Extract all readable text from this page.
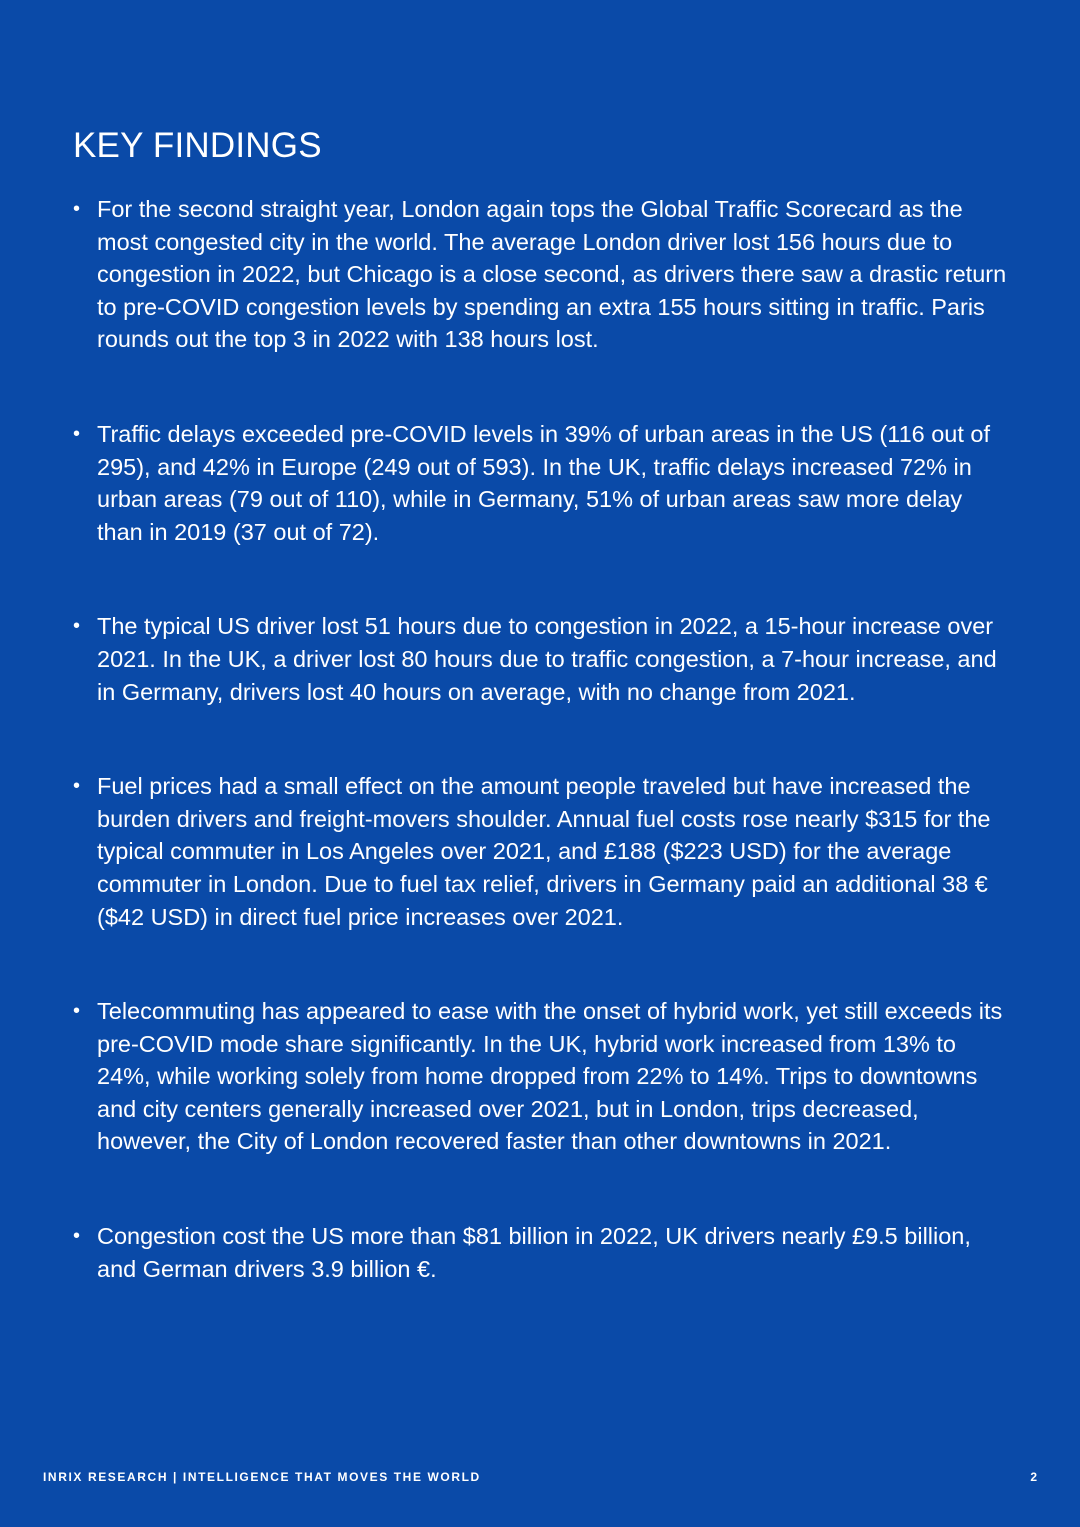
KEY FINDINGS
• For the second straight year, London again tops the Global Traffic Scorecard as the most congested city in the world. The average London driver lost 156 hours due to congestion in 2022, but Chicago is a close second, as drivers there saw a drastic return to pre-COVID congestion levels by spending an extra 155 hours sitting in traffic. Paris rounds out the top 3 in 2022 with 138 hours lost.
• Traffic delays exceeded pre-COVID levels in 39% of urban areas in the US (116 out of 295), and 42% in Europe (249 out of 593). In the UK, traffic delays increased 72% in urban areas (79 out of 110), while in Germany, 51% of urban areas saw more delay than in 2019 (37 out of 72).
• The typical US driver lost 51 hours due to congestion in 2022, a 15-hour increase over 2021. In the UK, a driver lost 80 hours due to traffic congestion, a 7-hour increase, and in Germany, drivers lost 40 hours on average, with no change from 2021.
• Fuel prices had a small effect on the amount people traveled but have increased the burden drivers and freight-movers shoulder. Annual fuel costs rose nearly $315 for the typical commuter in Los Angeles over 2021, and £188 ($223 USD) for the average commuter in London. Due to fuel tax relief, drivers in Germany paid an additional 38 € ($42 USD) in direct fuel price increases over 2021.
• Telecommuting has appeared to ease with the onset of hybrid work, yet still exceeds its pre-COVID mode share significantly. In the UK, hybrid work increased from 13% to 24%, while working solely from home dropped from 22% to 14%. Trips to downtowns and city centers generally increased over 2021, but in London, trips decreased, however, the City of London recovered faster than other downtowns in 2021.
• Congestion cost the US more than $81 billion in 2022, UK drivers nearly £9.5 billion, and German drivers 3.9 billion €.
INRIX RESEARCH | INTELLIGENCE THAT MOVES THE WORLD	2
